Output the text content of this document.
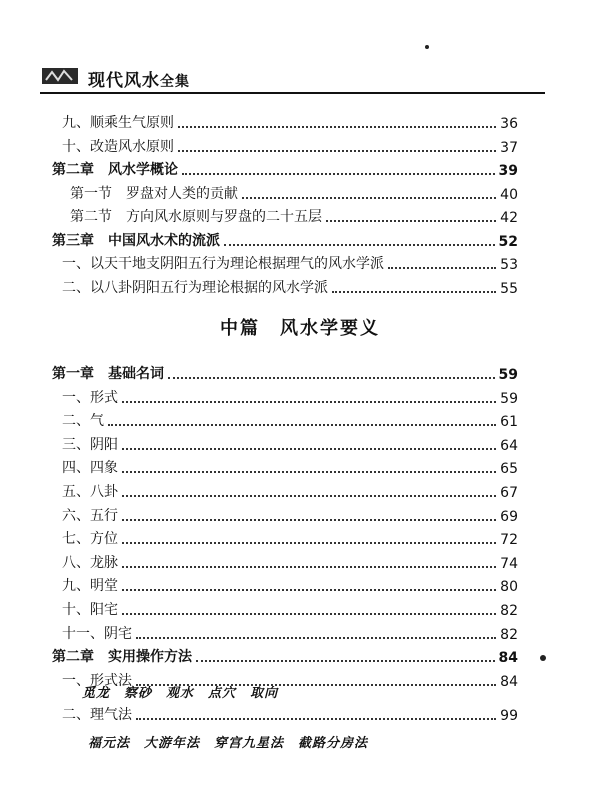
现代风水全集
九、顺乘生气原则	36
十、改造风水原则	37
第二章　风水学概论	39
第一节　罗盘对人类的贡献	40
第二节　方向风水原则与罗盘的二十五层	42
第三章　中国风水术的流派	52
一、以天干地支阴阳五行为理论根据理气的风水学派	53
二、以八卦阴阳五行为理论根据的风水学派	55
中篇　风水学要义
第一章　基础名词	59
一、形式	59
二、气	61
三、阴阳	64
四、四象	65
五、八卦	67
六、五行	69
七、方位	72
八、龙脉	74
九、明堂	80
十、阳宅	82
十一、阴宅	82
第二章　实用操作方法	84
一、形式法	84
觅龙 察砂 观水 点穴 取向
二、理气法	99
福元法 大游年法 穿宫九星法 截路分房法
